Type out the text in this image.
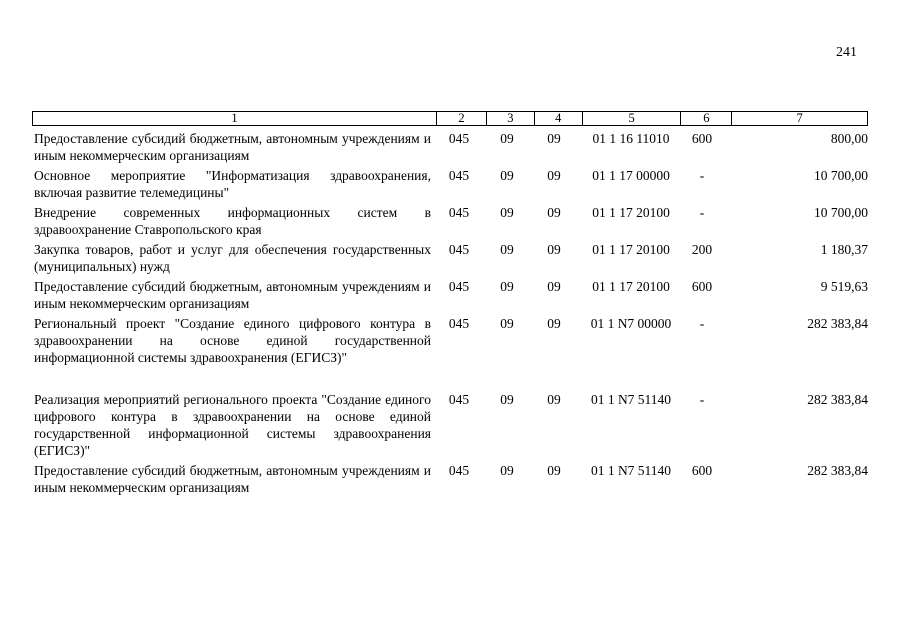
241
1	2	3	4	5	6	7
Предоставление субсидий бюджетным, автономным учреждениям и иным некоммерческим организациям
045	09	09	01 1 16 11010	600	800,00
Основное мероприятие "Информатизация здравоохранения, включая развитие телемедицины"
045	09	09	01 1 17 00000	-	10 700,00
Внедрение современных информационных систем в здравоохранение Ставропольского края
045	09	09	01 1 17 20100	-	10 700,00
Закупка товаров, работ и услуг для обеспечения государственных (муниципальных) нужд
045	09	09	01 1 17 20100	200	1 180,37
Предоставление субсидий бюджетным, автономным учреждениям и иным некоммерческим организациям
045	09	09	01 1 17 20100	600	9 519,63
Региональный проект "Создание единого цифрового контура в здравоохранении на основе единой государственной информационной системы здравоохранения (ЕГИСЗ)"
045	09	09	01 1 N7 00000	-	282 383,84
Реализация мероприятий регионального проекта "Создание единого цифрового контура в здравоохранении на основе единой государственной информационной системы здравоохранения (ЕГИСЗ)"
045	09	09	01 1 N7 51140	-	282 383,84
Предоставление субсидий бюджетным, автономным учреждениям и иным некоммерческим организациям
045	09	09	01 1 N7 51140	600	282 383,84
